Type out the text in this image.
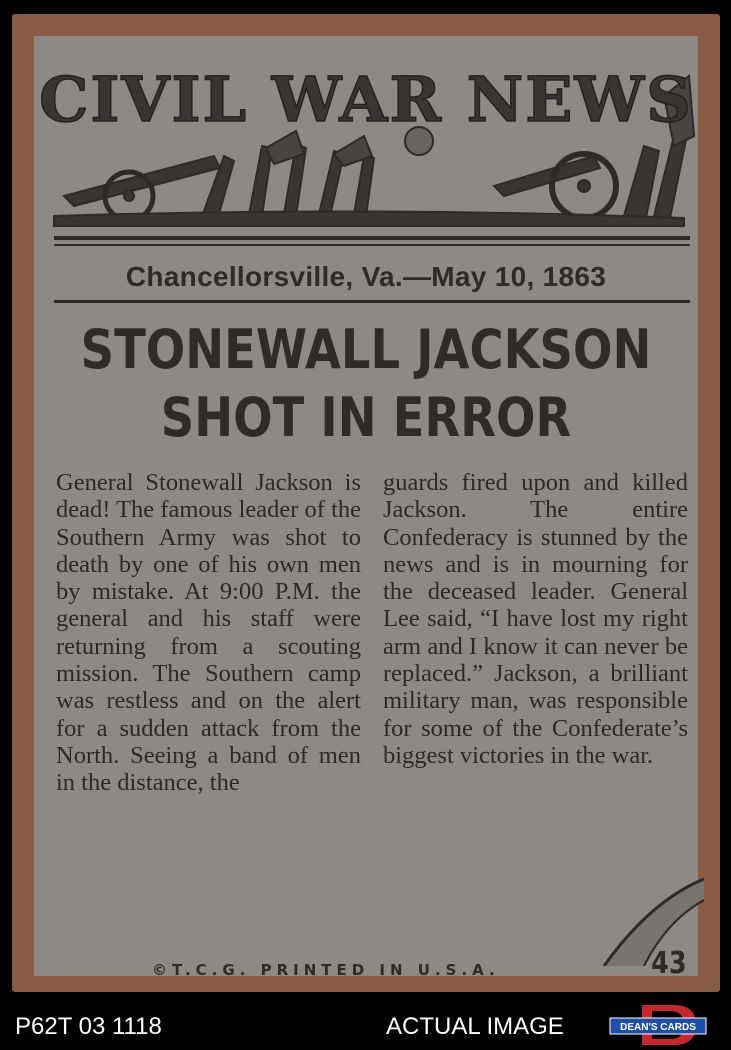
CIVIL WAR NEWS
Chancellorsville, Va.—May 10, 1863
STONEWALL JACKSON
SHOT IN ERROR

General Stonewall Jackson is dead! The famous leader of the Southern Army was shot to death by one of his own men by mistake. At 9:00 P.M. the general and his staff were returning from a scouting mission. The Southern camp was restless and on the alert for a sudden attack from the North. Seeing a band of men in the distance, the

guards fired upon and killed Jackson. The entire Confederacy is stunned by the news and is in mourning for the deceased leader. General Lee said, “I have lost my right arm and I know it can never be replaced.” Jackson, a brilliant military man, was responsible for some of the Confederate’s biggest victories in the war.

©T.C.G. PRINTED IN U.S.A.	43
P62T 03 1118	ACTUAL IMAGE	DEAN'S CARDS
